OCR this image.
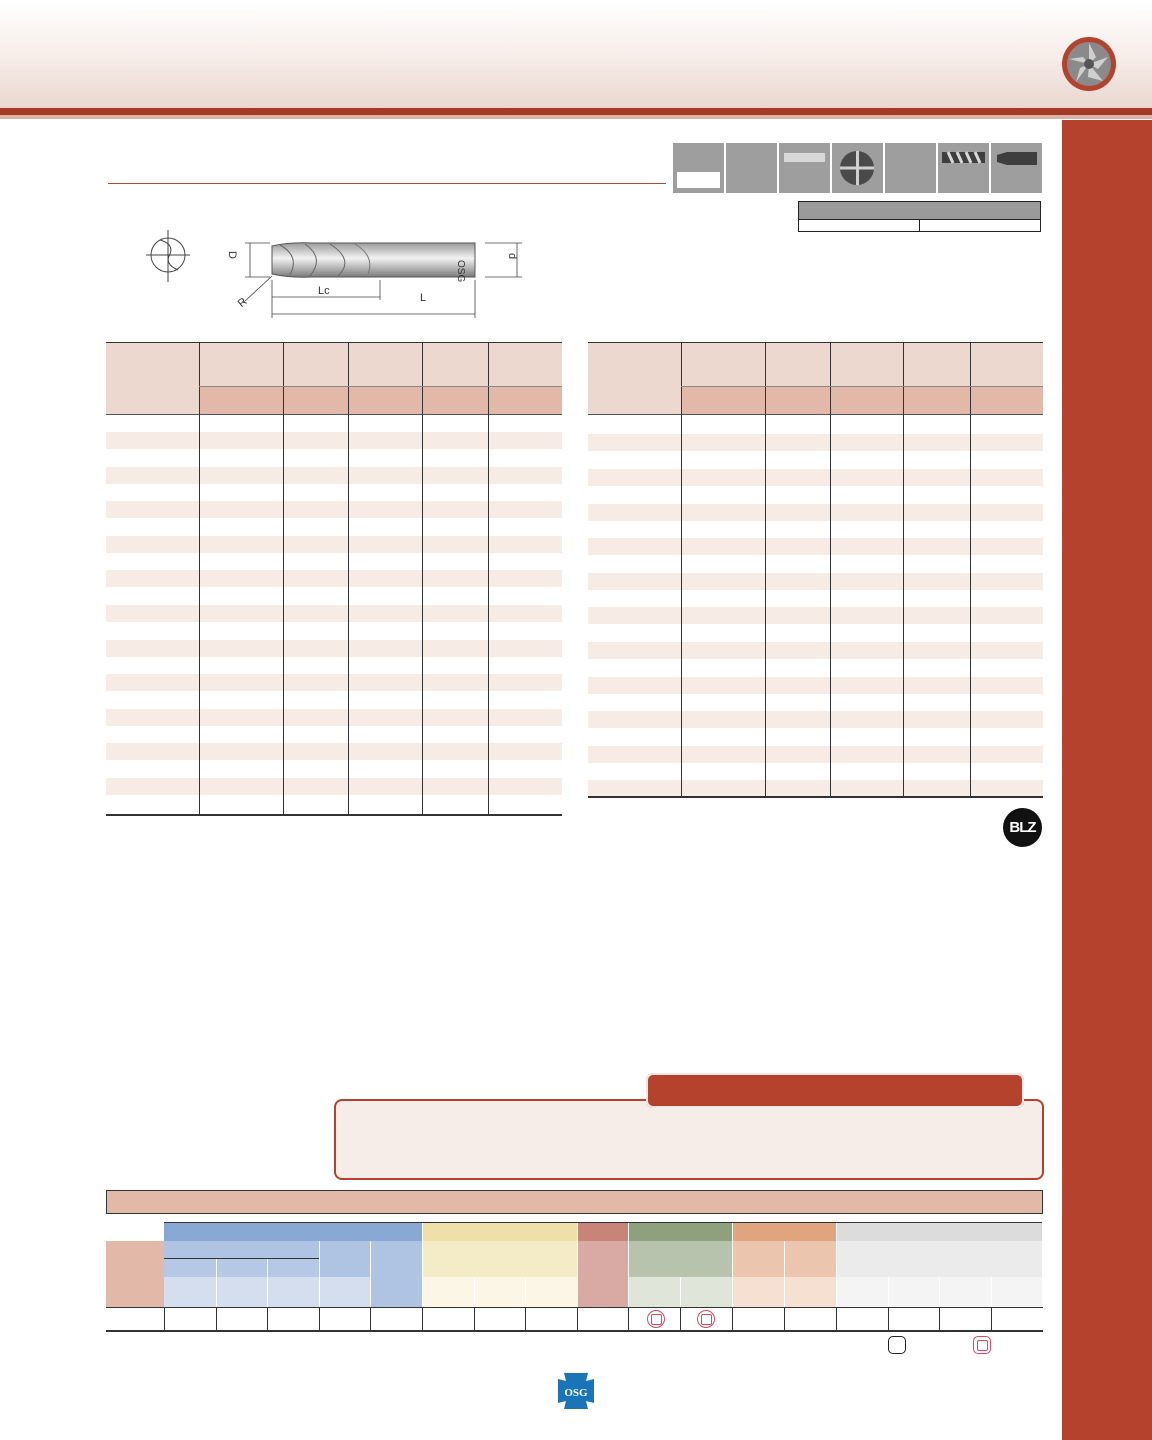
OSG
D	d
R
Lc
L
BLZ
OSG
